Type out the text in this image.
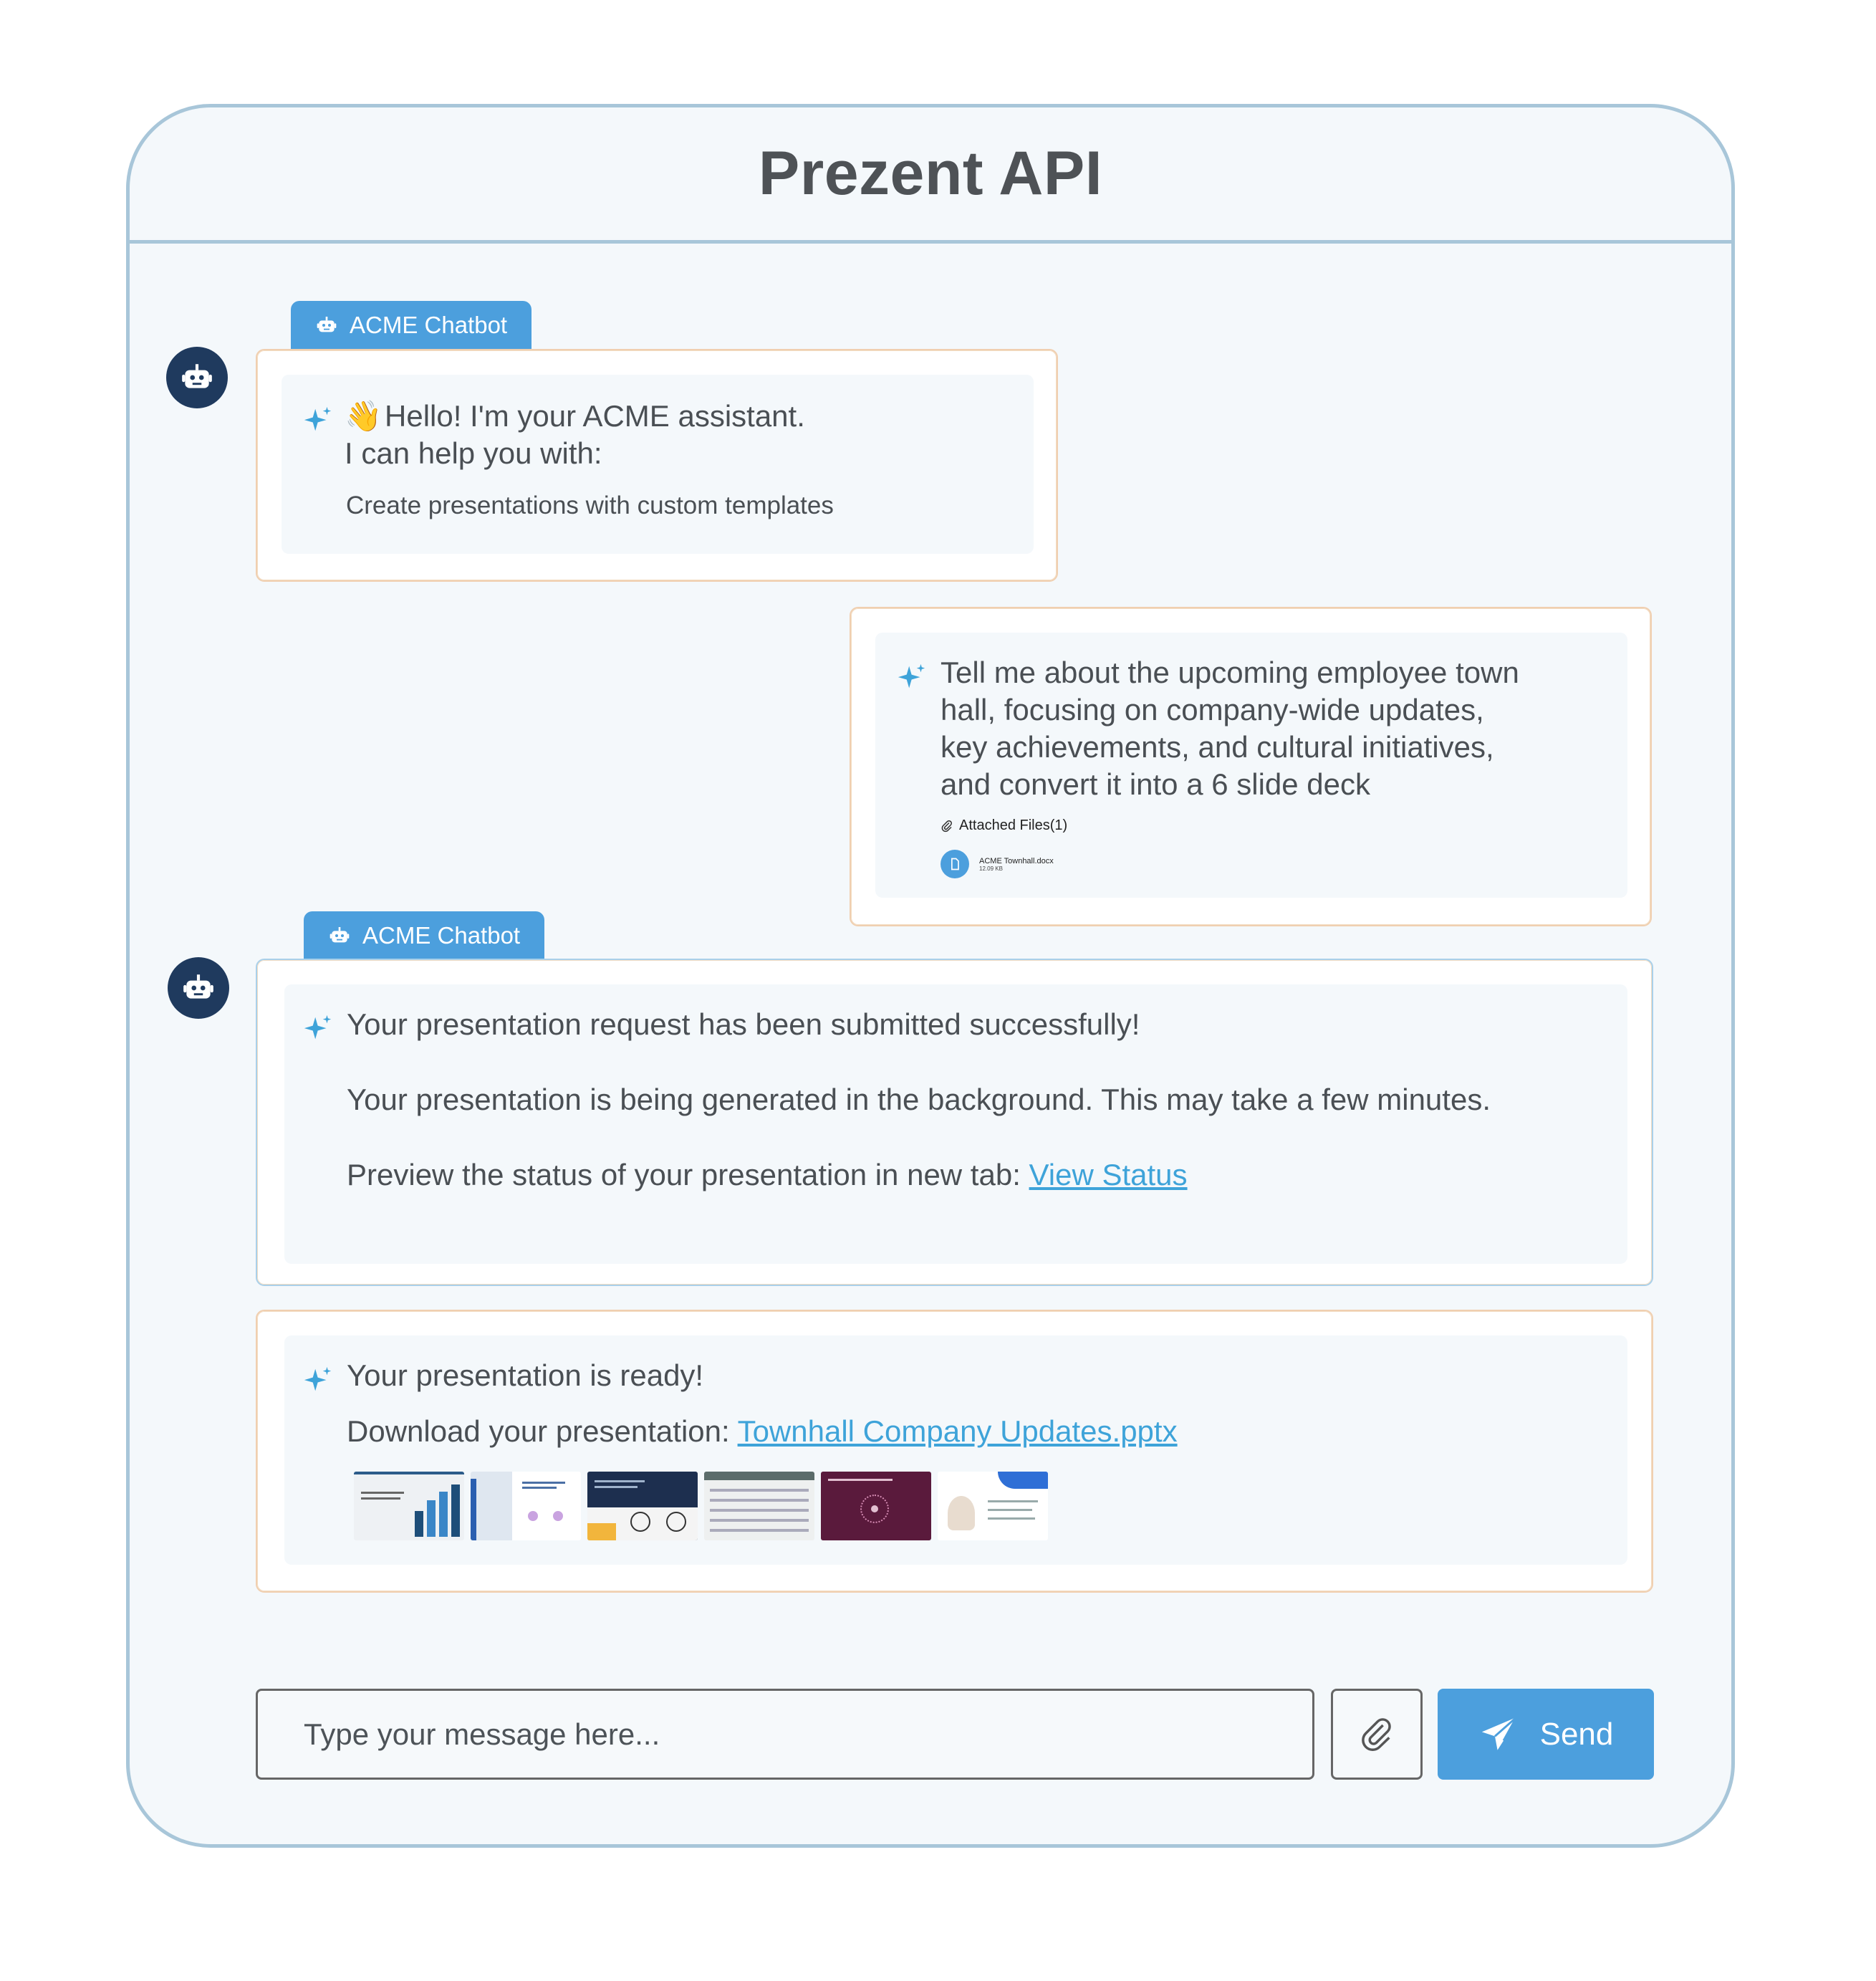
Prezent API
ACME Chatbot
👋 Hello! I'm your ACME assistant.
I can help you with:
Create presentations with custom templates
Tell me about the upcoming employee town
hall, focusing on company-wide updates,
key achievements, and cultural initiatives,
and convert it into a 6 slide deck
Attached Files(1)
ACME Townhall.docx
12.09 KB
ACME Chatbot
Your presentation request has been submitted successfully!
Your presentation is being generated in the background. This may take a few minutes.
Preview the status of your presentation in new tab: View Status
Your presentation is ready!
Download your presentation: Townhall Company Updates.pptx
Type your message here...	Send
